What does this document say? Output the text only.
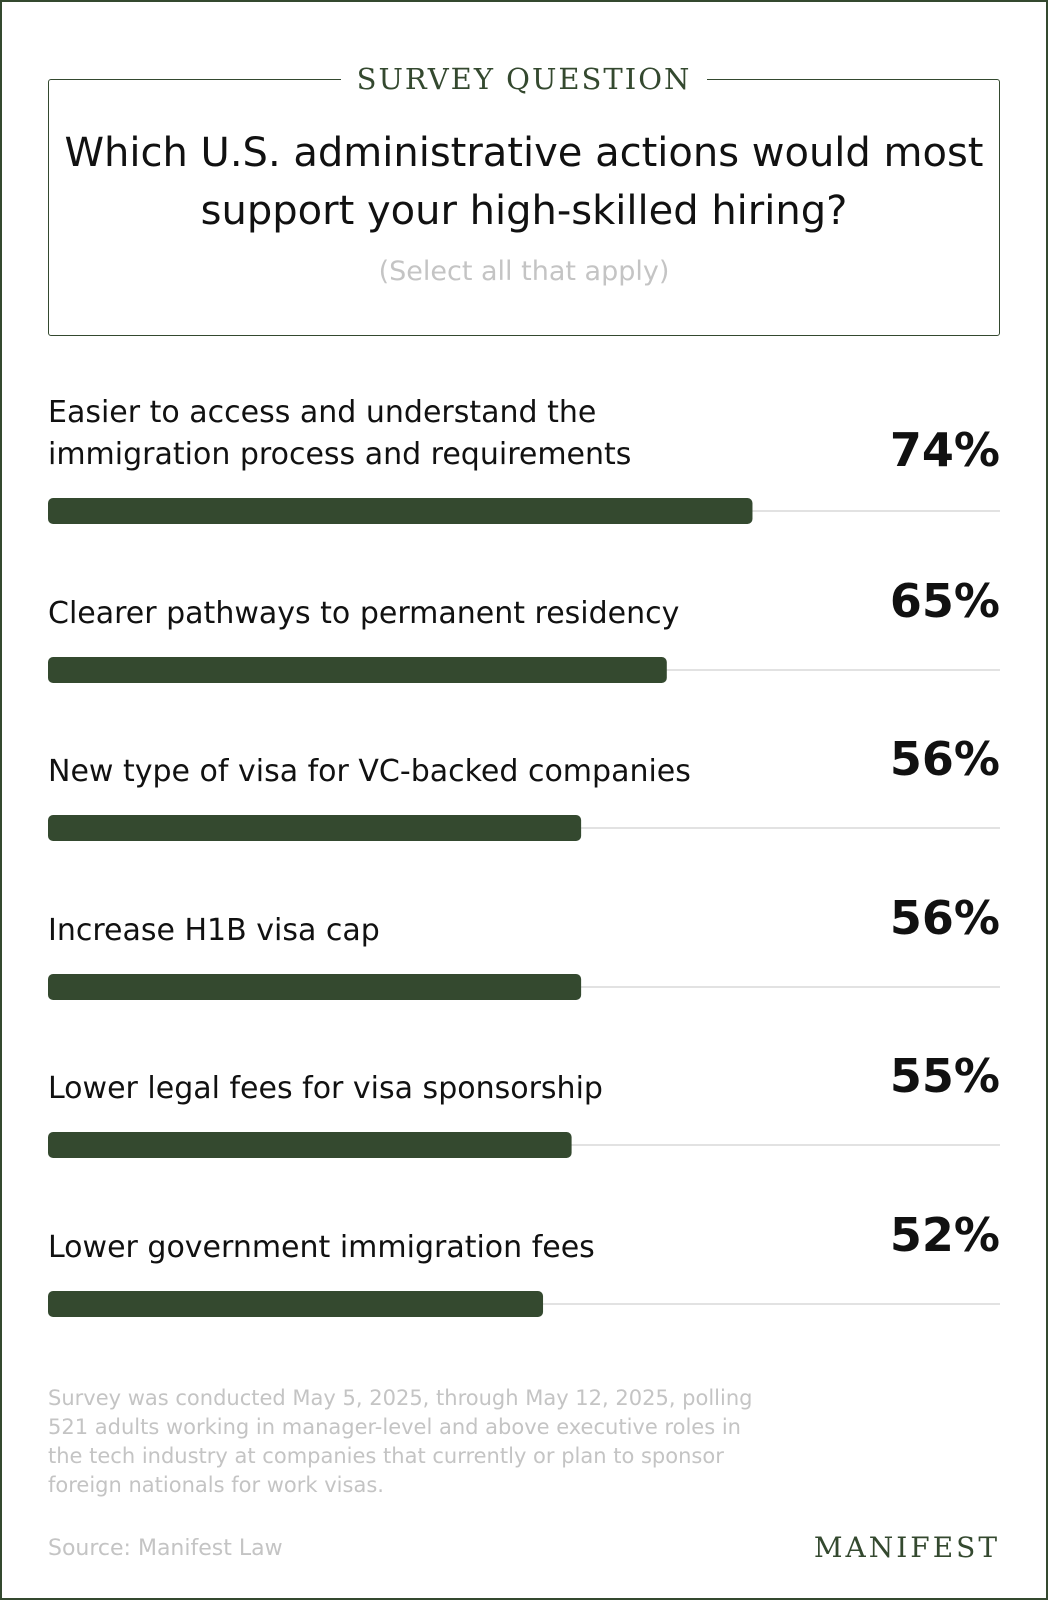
SURVEY QUESTION
Which U.S. administrative actions would most support your high-skilled hiring?
(Select all that apply)
Easier to access and understand the immigration process and requirements	74%
Clearer pathways to permanent residency	65%
New type of visa for VC-backed companies	56%
Increase H1B visa cap	56%
Lower legal fees for visa sponsorship	55%
Lower government immigration fees	52%
Survey was conducted May 5, 2025, through May 12, 2025, polling 521 adults working in manager-level and above executive roles in the tech industry at companies that currently or plan to sponsor foreign nationals for work visas.
Source: Manifest Law	MANIFEST
